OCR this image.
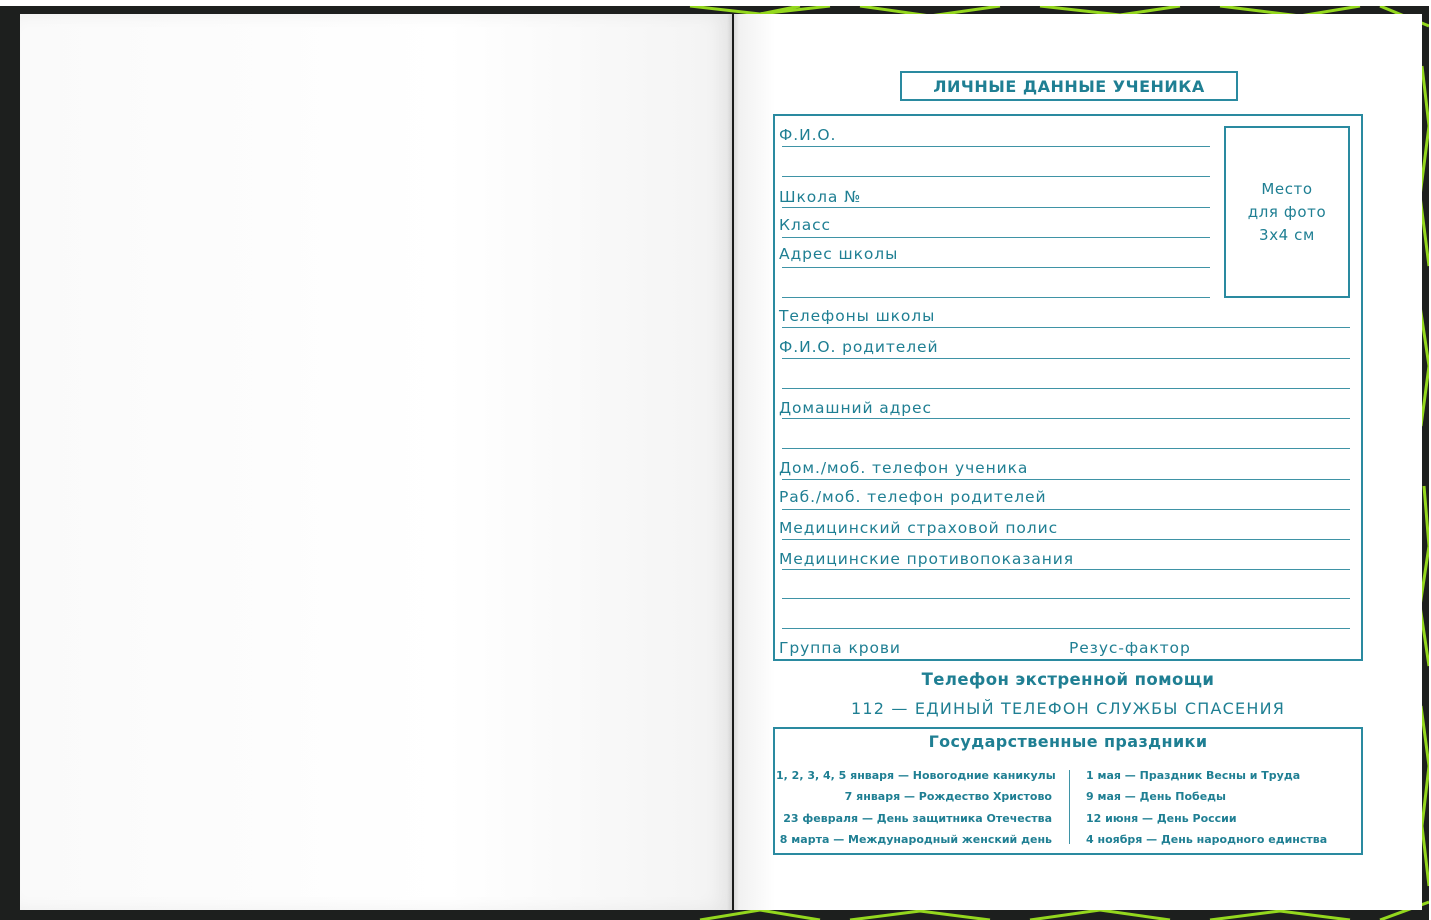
ЛИЧНЫЕ ДАННЫЕ УЧЕНИКА
Место
для фото
3x4 см
Ф.И.О.
Школа №
Класс
Адрес школы
Телефоны школы
Ф.И.О. родителей
Домашний адрес
Дом./моб. телефон ученика
Раб./моб. телефон родителей
Медицинский страховой полис
Медицинские противопоказания
Группа крови	Резус-фактор
Телефон экстренной помощи
112 — ЕДИНЫЙ ТЕЛЕФОН СЛУЖБЫ СПАСЕНИЯ
Государственные праздники
1, 2, 3, 4, 5 января — Новогодние каникулы
7 января — Рождество Христово
23 февраля — День защитника Отечества
8 марта — Международный женский день
1 мая — Праздник Весны и Труда
9 мая — День Победы
12 июня — День России
4 ноября — День народного единства
